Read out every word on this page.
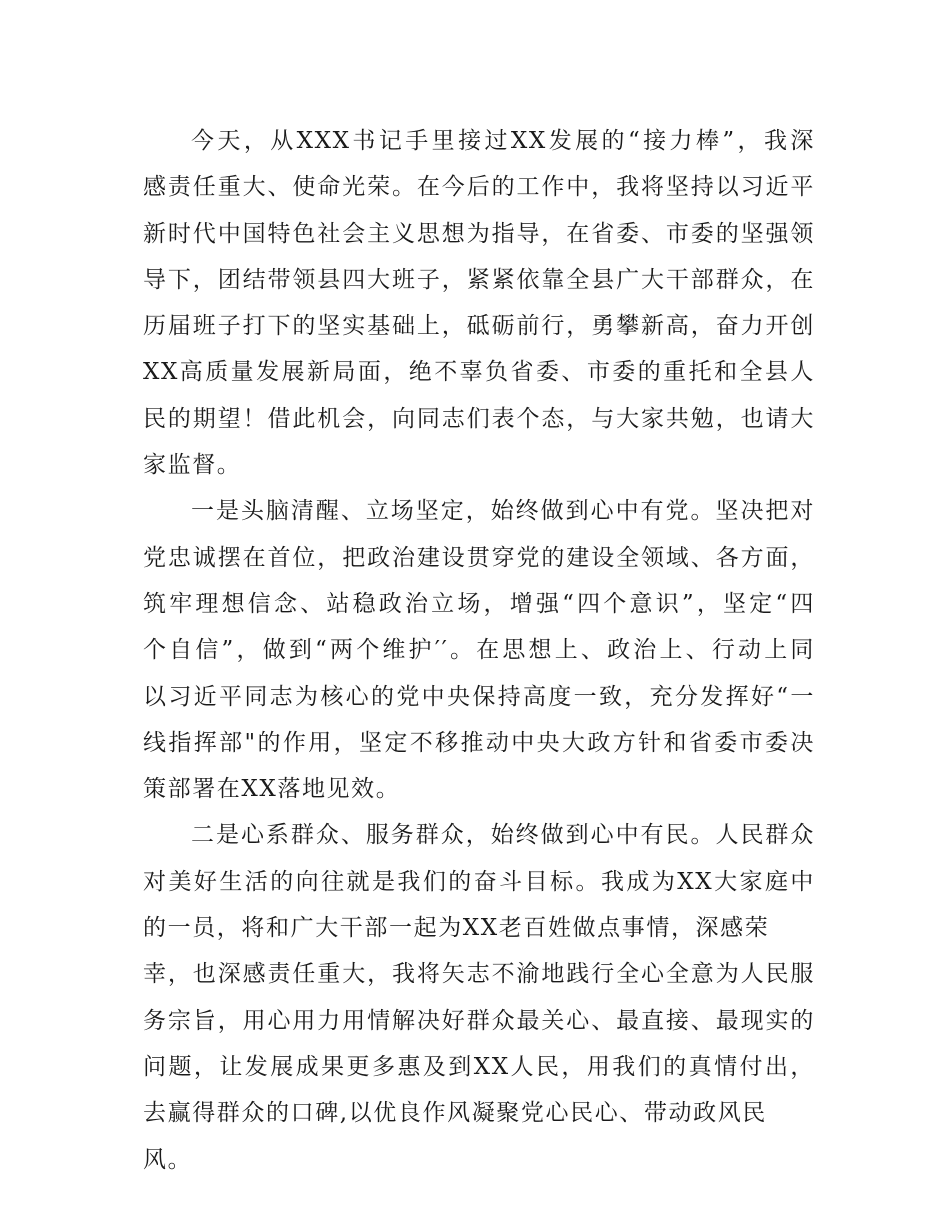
今天，从XXX书记手里接过XX发展的“接力棒”，我深
感责任重大、使命光荣。在今后的工作中，我将坚持以习近平
新时代中国特色社会主义思想为指导，在省委、市委的坚强领
导下，团结带领县四大班子，紧紧依靠全县广大干部群众，在
历届班子打下的坚实基础上，砥砺前行，勇攀新高，奋力开创
XX高质量发展新局面，绝不辜负省委、市委的重托和全县人
民的期望！借此机会，向同志们表个态，与大家共勉，也请大
家监督。
一是头脑清醒、立场坚定，始终做到心中有党。坚决把对
党忠诚摆在首位，把政治建设贯穿党的建设全领域、各方面，
筑牢理想信念、站稳政治立场，增强“四个意识”，坚定“四
个自信”，做到“两个维护′′。在思想上、政治上、行动上同
以习近平同志为核心的党中央保持高度一致，充分发挥好“一
线指挥部"的作用，坚定不移推动中央大政方针和省委市委决
策部署在XX落地见效。
二是心系群众、服务群众，始终做到心中有民。人民群众
对美好生活的向往就是我们的奋斗目标。我成为XX大家庭中
的一员，将和广大干部一起为XX老百姓做点事情，深感荣
幸，也深感责任重大，我将矢志不渝地践行全心全意为人民服
务宗旨，用心用力用情解决好群众最关心、最直接、最现实的
问题，让发展成果更多惠及到XX人民，用我们的真情付出，
去赢得群众的口碑,以优良作风凝聚党心民心、带动政风民
风。
